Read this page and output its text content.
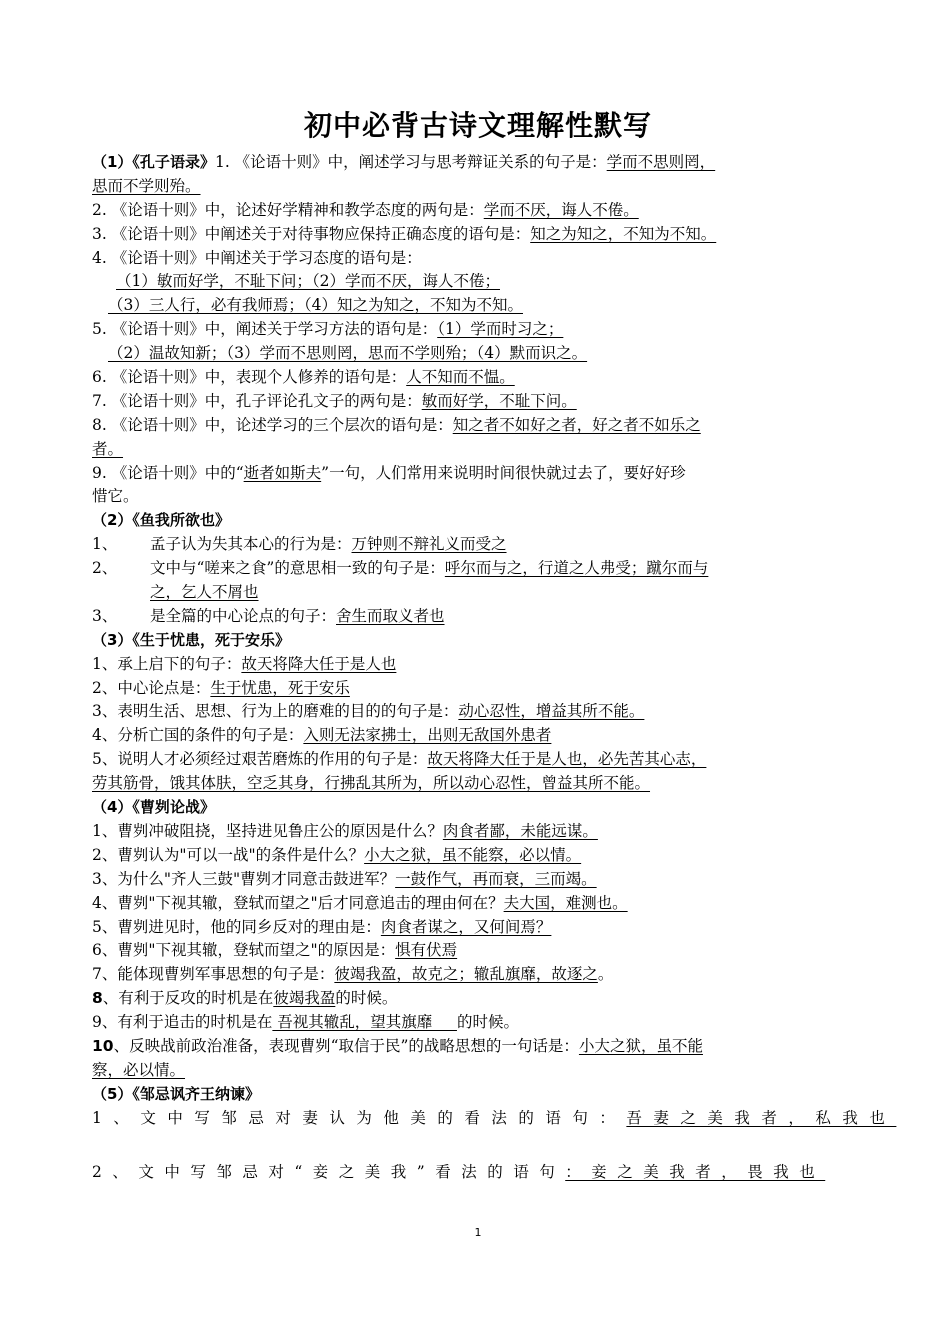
初中必背古诗文理解性默写
（1）《孔子语录》1. 《论语十则》中，阐述学习与思考辩证关系的句子是：学而不思则罔，
思而不学则殆。
2. 《论语十则》中，论述好学精神和教学态度的两句是：学而不厌，诲人不倦。
3. 《论语十则》中阐述关于对待事物应保持正确态度的语句是：知之为知之，不知为不知。
4. 《论语十则》中阐述关于学习态度的语句是：
（1）敏而好学，不耻下问；（2）学而不厌，诲人不倦；
（3）三人行，必有我师焉；（4）知之为知之，不知为不知。
5. 《论语十则》中，阐述关于学习方法的语句是：（1）学而时习之；
（2）温故知新；（3）学而不思则罔，思而不学则殆；（4）默而识之。
6. 《论语十则》中，表现个人修养的语句是：人不知而不愠。
7. 《论语十则》中，孔子评论孔文子的两句是：敏而好学，不耻下问。
8. 《论语十则》中，论述学习的三个层次的语句是：知之者不如好之者，好之者不如乐之
者。
9. 《论语十则》中的“逝者如斯夫”一句，人们常用来说明时间很快就过去了，要好好珍
惜它。
（2）《鱼我所欲也》
1、 孟子认为失其本心的行为是：万钟则不辩礼义而受之
2、 文中与“嗟来之食”的意思相一致的句子是：呼尔而与之，行道之人弗受；蹴尔而与
之，乞人不屑也
3、 是全篇的中心论点的句子：舍生而取义者也
（3）《生于忧患，死于安乐》
1、承上启下的句子：故天将降大任于是人也
2、中心论点是：生于忧患，死于安乐
3、表明生活、思想、行为上的磨难的目的的句子是：动心忍性，增益其所不能。
4、分析亡国的条件的句子是：入则无法家拂士，出则无敌国外患者
5、说明人才必须经过艰苦磨炼的作用的句子是：故天将降大任于是人也，必先苦其心志，
劳其筋骨，饿其体肤，空乏其身，行拂乱其所为，所以动心忍性，曾益其所不能。
（4）《曹刿论战》
1、曹刿冲破阻挠，坚持进见鲁庄公的原因是什么？肉食者鄙，未能远谋。
2、曹刿认为"可以一战"的条件是什么？小大之狱，虽不能察，必以情。
3、为什么"齐人三鼓"曹刿才同意击鼓进军？一鼓作气，再而衰，三而竭。
4、曹刿"下视其辙，登轼而望之"后才同意追击的理由何在？夫大国，难测也。
5、曹刿进见时，他的同乡反对的理由是：肉食者谋之，又何间焉？
6、曹刿"下视其辙，登轼而望之"的原因是：惧有伏焉
7、能体现曹刿军事思想的句子是：彼竭我盈，故克之；辙乱旗靡，故逐之。
8、有利于反攻的时机是在彼竭我盈的时候。
9、有利于追击的时机是在 吾视其辙乱，望其旗靡     的时候。
10、反映战前政治准备，表现曹刿“取信于民”的战略思想的一句话是：小大之狱，虽不能
察，必以情。
（5）《邹忌讽齐王纳谏》
1、文中写邹忌对妻认为他美的看法的语句：吾妻之美我者，私我也
2、文中写邹忌对“妾之美我”看法的语句：妾之美我者，畏我也
1
